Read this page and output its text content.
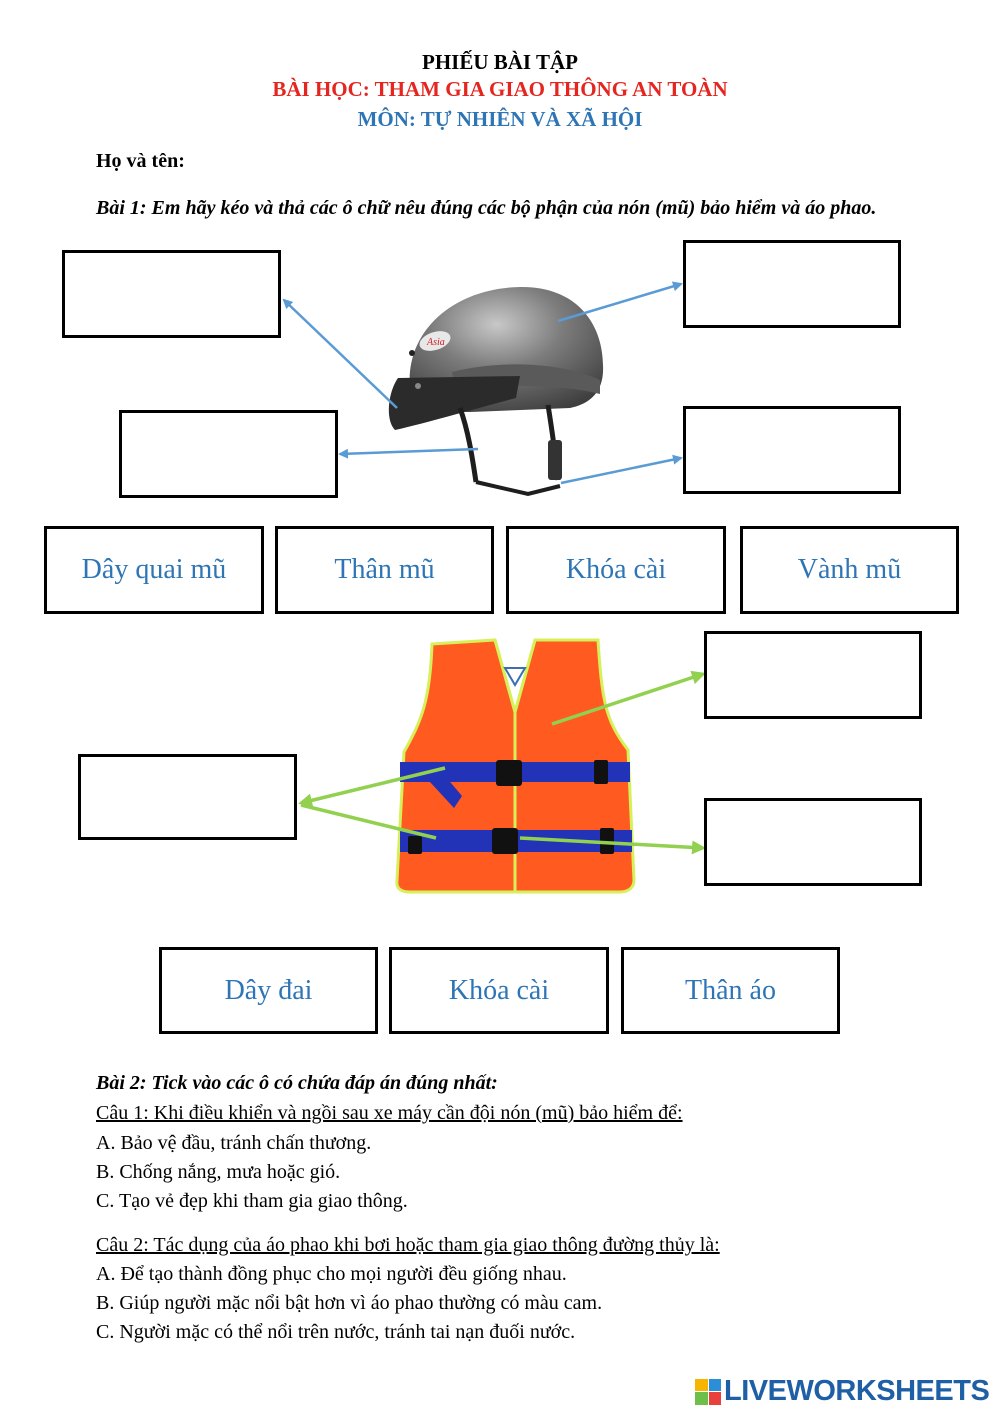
PHIẾU BÀI TẬP
BÀI HỌC: THAM GIA GIAO THÔNG AN TOÀN
MÔN: TỰ NHIÊN VÀ XÃ HỘI
Họ và tên:
Bài 1: Em hãy kéo và thả các ô chữ nêu đúng các bộ phận của nón (mũ) bảo hiểm và áo phao.
Asia
Dây quai mũ	Thân mũ	Khóa cài	Vành mũ
Dây đai	Khóa cài	Thân áo
Bài 2: Tick vào các ô có chứa đáp án đúng nhất:
Câu 1: Khi điều khiển và ngồi sau xe máy cần đội nón (mũ) bảo hiểm để:
A. Bảo vệ đầu, tránh chấn thương.
B. Chống nắng, mưa hoặc gió.
C. Tạo vẻ đẹp khi tham gia giao thông.
Câu 2: Tác dụng của áo phao khi bơi hoặc tham gia giao thông đường thủy là:
A. Để tạo thành đồng phục cho mọi người đều giống nhau.
B. Giúp người mặc nổi bật hơn vì áo phao thường có màu cam.
C. Người mặc có thể nổi trên nước, tránh tai nạn đuối nước.
LIVEWORKSHEETS
